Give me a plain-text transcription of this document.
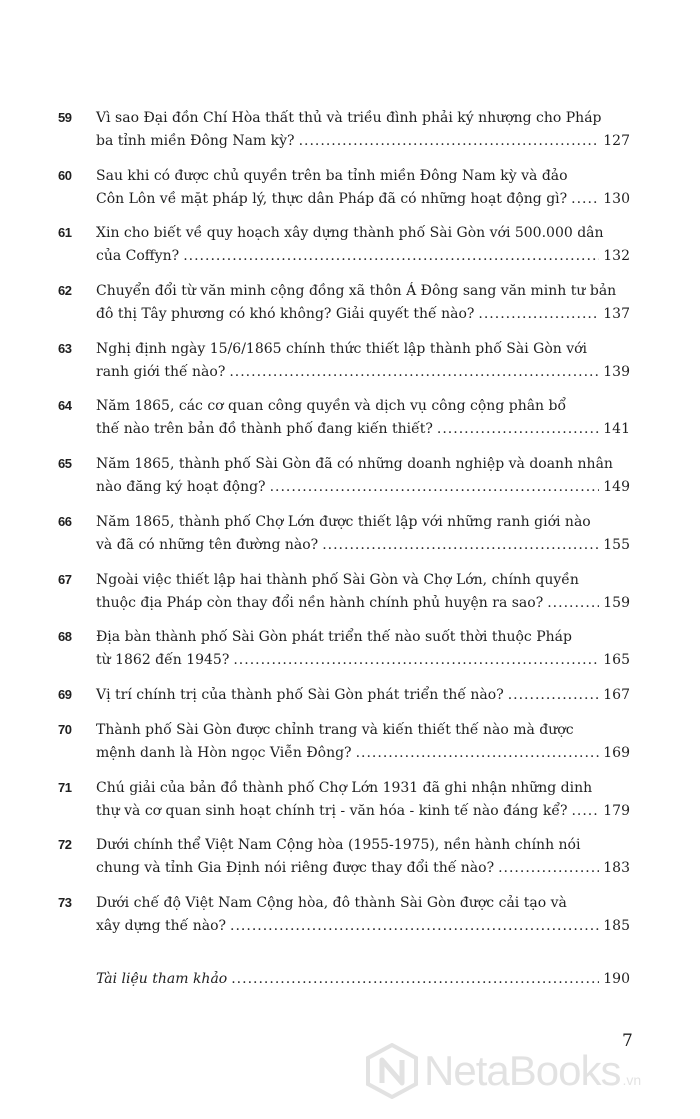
59 Vì sao Đại đồn Chí Hòa thất thủ và triều đình phải ký nhượng cho Pháp
ba tỉnh miền Đông Nam kỳ? .....	127
60 Sau khi có được chủ quyền trên ba tỉnh miền Đông Nam kỳ và đảo
Côn Lôn về mặt pháp lý, thực dân Pháp đã có những hoạt động gì? .....	130
61 Xin cho biết về quy hoạch xây dựng thành phố Sài Gòn với 500.000 dân
của Coffyn? .....	132
62 Chuyển đổi từ văn minh cộng đồng xã thôn Á Đông sang văn minh tư bản
đô thị Tây phương có khó không? Giải quyết thế nào? .....	137
63 Nghị định ngày 15/6/1865 chính thức thiết lập thành phố Sài Gòn với
ranh giới thế nào? .....	139
64 Năm 1865, các cơ quan công quyền và dịch vụ công cộng phân bổ
thế nào trên bản đồ thành phố đang kiến thiết? .....	141
65 Năm 1865, thành phố Sài Gòn đã có những doanh nghiệp và doanh nhân
nào đăng ký hoạt động? .....	149
66 Năm 1865, thành phố Chợ Lớn được thiết lập với những ranh giới nào
và đã có những tên đường nào? .....	155
67 Ngoài việc thiết lập hai thành phố Sài Gòn và Chợ Lớn, chính quyền
thuộc địa Pháp còn thay đổi nền hành chính phủ huyện ra sao? .....	159
68 Địa bàn thành phố Sài Gòn phát triển thế nào suốt thời thuộc Pháp
từ 1862 đến 1945? .....	165
69 Vị trí chính trị của thành phố Sài Gòn phát triển thế nào? .....	167
70 Thành phố Sài Gòn được chỉnh trang và kiến thiết thế nào mà được
mệnh danh là Hòn ngọc Viễn Đông? .....	169
71 Chú giải của bản đồ thành phố Chợ Lớn 1931 đã ghi nhận những dinh
thự và cơ quan sinh hoạt chính trị - văn hóa - kinh tế nào đáng kể? .....	179
72 Dưới chính thể Việt Nam Cộng hòa (1955-1975), nền hành chính nói
chung và tỉnh Gia Định nói riêng được thay đổi thế nào? .....	183
73 Dưới chế độ Việt Nam Cộng hòa, đô thành Sài Gòn được cải tạo và
xây dựng thế nào? .....	185
Tài liệu tham khảo .....	190
7
NetaBooks .vn
